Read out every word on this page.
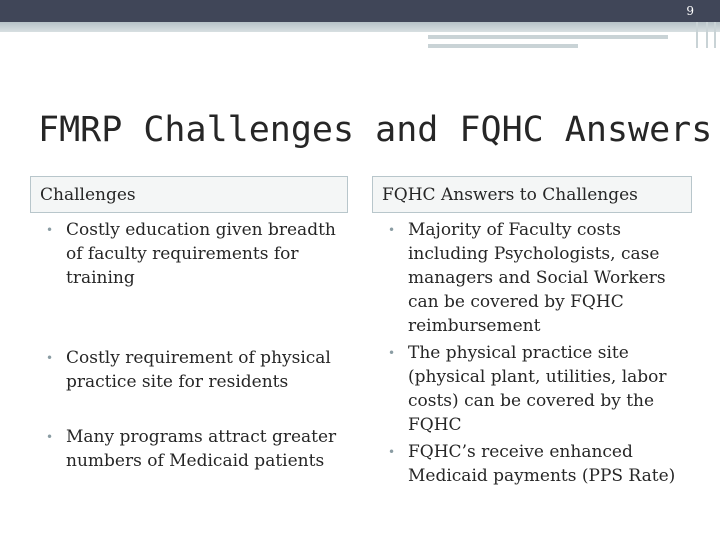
9
FMRP Challenges and FQHC Answers
Challenges	FQHC Answers to Challenges
• Costly education given breadth of faculty requirements for training
• Costly requirement of physical practice site for residents
• Many programs attract greater numbers of Medicaid patients
• Majority of Faculty costs including Psychologists, case managers and Social Workers can be covered by FQHC reimbursement
• The physical practice site (physical plant, utilities, labor costs) can be covered by the FQHC
• FQHC’s receive enhanced Medicaid payments (PPS Rate)
